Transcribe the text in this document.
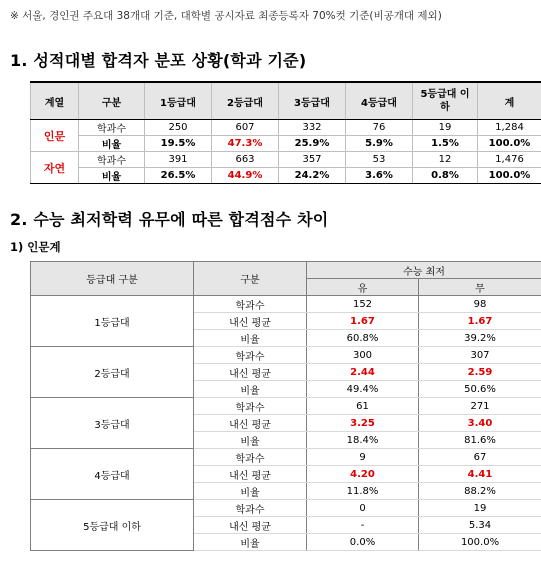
※ 서울, 경인권 주요대 38개대 기준, 대학별 공시자료 최종등록자 70%컷 기준(비공개대 제외)
1. 성적대별 합격자 분포 상황(학과 기준)
계열	구분	1등급대	2등급대	3등급대	4등급대	5등급대 이하	계
인문	학과수	250	607	332	76	19	1,284
	비율	19.5%	47.3%	25.9%	5.9%	1.5%	100.0%
자연	학과수	391	663	357	53	12	1,476
	비율	26.5%	44.9%	24.2%	3.6%	0.8%	100.0%
2. 수능 최저학력 유무에 따른 합격점수 차이
1) 인문계
등급대 구분	구분	수능 최저	
		유	무
1등급대	학과수	152	98
	내신 평균	1.67	1.67
	비율	60.8%	39.2%
2등급대	학과수	300	307
	내신 평균	2.44	2.59
	비율	49.4%	50.6%
3등급대	학과수	61	271
	내신 평균	3.25	3.40
	비율	18.4%	81.6%
4등급대	학과수	9	67
	내신 평균	4.20	4.41
	비율	11.8%	88.2%
5등급대 이하	학과수	0	19
	내신 평균	-	5.34
	비율	0.0%	100.0%
